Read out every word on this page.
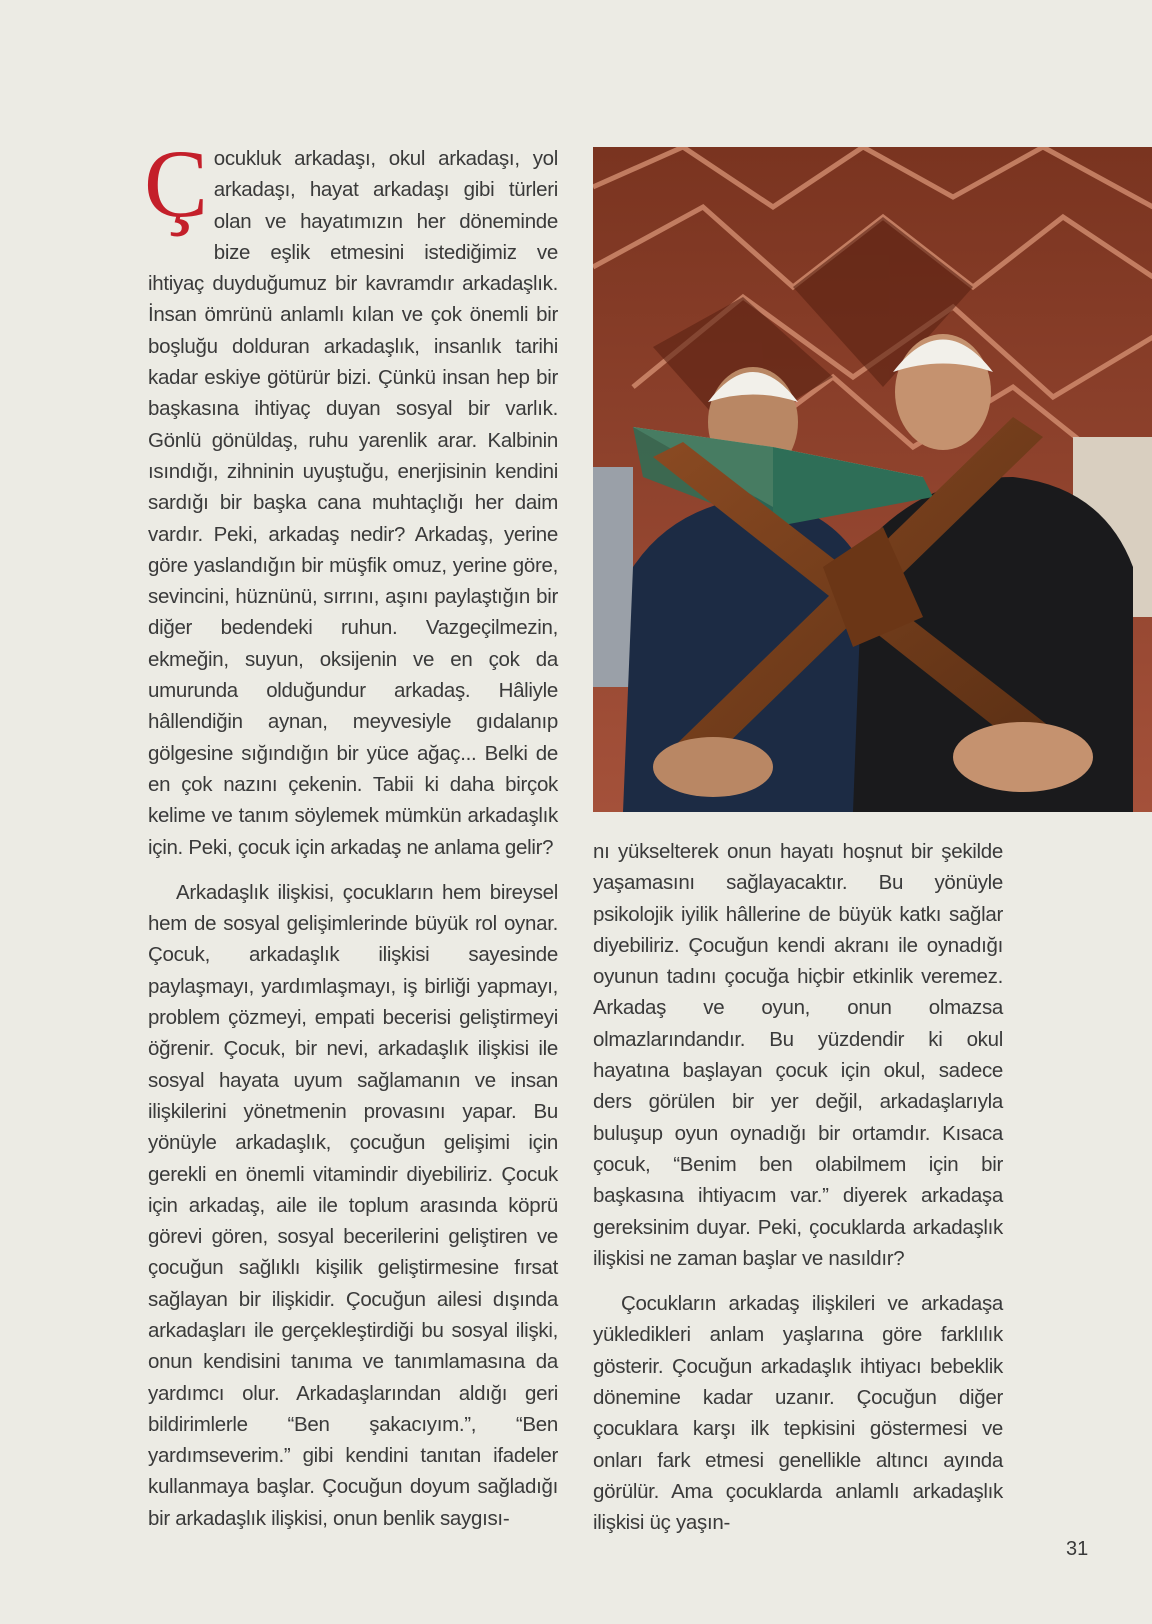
Çocukluk arkadaşı, okul arkadaşı, yol arkadaşı, hayat arkadaşı gibi türleri olan ve hayatımızın her döneminde bize eşlik etmesini istediğimiz ve ihtiyaç duyduğumuz bir kavramdır arkadaşlık. İnsan ömrünü anlamlı kılan ve çok önemli bir boşluğu dolduran arkadaşlık, insanlık tarihi kadar eskiye götürür bizi. Çünkü insan hep bir başkasına ihtiyaç duyan sosyal bir varlık. Gönlü gönüldaş, ruhu yarenlik arar. Kalbinin ısındığı, zihninin uyuştuğu, enerjisinin kendini sardığı bir başka cana muhtaçlığı her daim vardır. Peki, arkadaş nedir? Arkadaş, yerine göre yaslandığın bir müşfik omuz, yerine göre, sevincini, hüznünü, sırrını, aşını paylaştığın bir diğer bedendeki ruhun. Vazgeçilmezin, ekmeğin, suyun, oksijenin ve en çok da umurunda olduğundur arkadaş. Hâliyle hâllendiğin aynan, meyvesiyle gıdalanıp gölgesine sığındığın bir yüce ağaç... Belki de en çok nazını çekenin. Tabii ki daha birçok kelime ve tanım söylemek mümkün arkadaşlık için. Peki, çocuk için arkadaş ne anlama gelir?

Arkadaşlık ilişkisi, çocukların hem bireysel hem de sosyal gelişimlerinde büyük rol oynar. Çocuk, arkadaşlık ilişkisi sayesinde paylaşmayı, yardımlaşmayı, iş birliği yapmayı, problem çözmeyi, empati becerisi geliştirmeyi öğrenir. Çocuk, bir nevi, arkadaşlık ilişkisi ile sosyal hayata uyum sağlamanın ve insan ilişkilerini yönetmenin provasını yapar. Bu yönüyle arkadaşlık, çocuğun gelişimi için gerekli en önemli vitamindir diyebiliriz. Çocuk için arkadaş, aile ile toplum arasında köprü görevi gören, sosyal becerilerini geliştiren ve çocuğun sağlıklı kişilik geliştirmesine fırsat sağlayan bir ilişkidir. Çocuğun ailesi dışında arkadaşları ile gerçekleştirdiği bu sosyal ilişki, onun kendisini tanıma ve tanımlamasına da yardımcı olur. Arkadaşlarından aldığı geri bildirimlerle “Ben şakacıyım.”, “Ben yardımseverim.” gibi kendini tanıtan ifadeler kullanmaya başlar. Çocuğun doyum sağladığı bir arkadaşlık ilişkisi, onun benlik saygısı-

nı yükselterek onun hayatı hoşnut bir şekilde yaşamasını sağlayacaktır. Bu yönüyle psikolojik iyilik hâllerine de büyük katkı sağlar diyebiliriz. Çocuğun kendi akranı ile oynadığı oyunun tadını çocuğa hiçbir etkinlik veremez. Arkadaş ve oyun, onun olmazsa olmazlarındandır. Bu yüzdendir ki okul hayatına başlayan çocuk için okul, sadece ders görülen bir yer değil, arkadaşlarıyla buluşup oyun oynadığı bir ortamdır. Kısaca çocuk, “Benim ben olabilmem için bir başkasına ihtiyacım var.” diyerek arkadaşa gereksinim duyar. Peki, çocuklarda arkadaşlık ilişkisi ne zaman başlar ve nasıldır?

Çocukların arkadaş ilişkileri ve arkadaşa yükledikleri anlam yaşlarına göre farklılık gösterir. Çocuğun arkadaşlık ihtiyacı bebeklik dönemine kadar uzanır. Çocuğun diğer çocuklara karşı ilk tepkisini göstermesi ve onları fark etmesi genellikle altıncı ayında görülür. Ama çocuklarda anlamlı arkadaşlık ilişkisi üç yaşın-

31
